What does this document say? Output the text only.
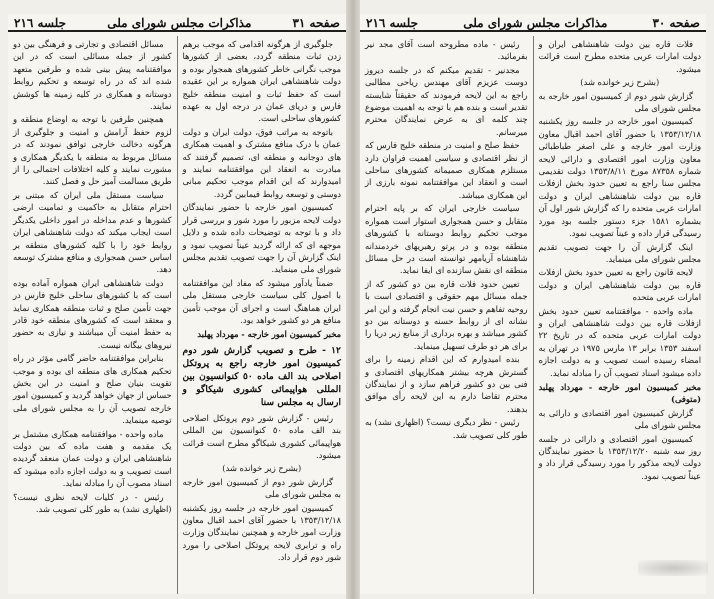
صفحه ٣١
مذاکرات مجلس شورای ملی
جلسه ٢١٦

جلوگیری از هرگونه اقدامی که موجب برهم زدن ثبات منطقه گردد، بعضی از کشورها موجب نگرانی خاطر کشورهای همجوار بوده و دولت شاهنشاهی ایران همواره بر این عقیده است که حفظ ثبات و امنیت منطقه خلیج فارس و دریای عمان در درجه اول به عهده کشورهای ساحلی است.

باتوجه به مراتب فوق، دولت ایران و دولت عمان با درک منافع مشترک و اهمیت همکاری های دوجانبه و منطقه ای، تصمیم گرفتند که مبادرت به انعقاد این موافقتنامه نمایند و امیدوارند که این اقدام موجب تحکیم مبانی دوستی و توسعه روابط فیمابین گردد.

کمیسیون امور خارجه با حضور نمایندگان دولت لایحه مزبور را مورد شور و بررسی قرار داد و با توجه به توضیحات داده شده و دلایل موجهه ای که ارائه گردید عیناً تصویب نمود و اینک گزارش آن را جهت تصویب تقدیم مجلس شورای ملی مینماید.

ضمناً یادآور میشود که مفاد این موافقتنامه با اصول کلی سیاست خارجی مستقل ملی ایران هماهنگ است و اجرای آن موجب تأمین منافع هر دو کشور خواهد بود.

مخبر کمیسیون امور خارجه - مهرداد پهلبد

١٢ - طرح و تصویب گزارش شور دوم کمیسیون امور خارجه راجع به پروتکل اصلاحی بند الف ماده ٥٠ کنوانسیون بین المللی هواپیمائی کشوری شیکاگو و ارسال به مجلس سنا

رئیس - گزارش شور دوم پروتکل اصلاحی بند الف ماده ٥٠ کنوانسیون بین المللی هواپیمائی کشوری شیکاگو مطرح است قرائت میشود.

(بشرح زیر خوانده شد)

گزارش شور دوم از کمیسیون امور خارجه به مجلس شورای ملی

کمیسیون امور خارجه در جلسه روز یکشنبه ١٣٥٣/١٢/١٨ با حضور آقای احمد اقبال معاون وزارت امور خارجه و همچنین نمایندگان وزارت راه و ترابری لایحه پروتکل اصلاحی را مورد شور دوم قرار داد.

مسائل اقتصادی و تجارتی و فرهنگی بین دو کشور از جمله مسائلی است که در این موافقتنامه پیش بینی شده و طرفین متعهد شده اند که در راه توسعه و تحکیم روابط دوستانه و همکاری در کلیه زمینه ها کوشش نمایند.

همچنین طرفین با توجه به اوضاع منطقه و لزوم حفظ آرامش و امنیت و جلوگیری از هرگونه دخالت خارجی توافق نمودند که در مسائل مربوط به منطقه با یکدیگر همکاری و مشورت نمایند و کلیه اختلافات احتمالی را از طریق مسالمت آمیز حل و فصل کنند.

سیاست مستقل ملی ایران که مبتنی بر احترام متقابل به حاکمیت و تمامیت ارضی کشورها و عدم مداخله در امور داخلی یکدیگر است ایجاب میکند که دولت شاهنشاهی ایران روابط خود را با کلیه کشورهای منطقه بر اساس حسن همجواری و منافع مشترک توسعه دهد.

دولت شاهنشاهی ایران همواره آماده بوده است که با کشورهای ساحلی خلیج فارس در جهت تأمین صلح و ثبات منطقه همکاری نماید و معتقد است که کشورهای منطقه خود قادر به حفظ امنیت آن میباشند و نیازی به حضور نیروهای بیگانه نیست.

بنابراین موافقتنامه حاضر گامی مؤثر در راه تحکیم همکاری های منطقه ای بوده و موجب تقویت بنیان صلح و امنیت در این بخش حساس از جهان خواهد گردید و کمیسیون امور خارجه تصویب آن را به مجلس شورای ملی توصیه مینماید.

ماده واحده - موافقتنامه همکاری مشتمل بر یک مقدمه و هفت ماده که بین دولت شاهنشاهی ایران و دولت عمان منعقد گردیده است تصویب و به دولت اجازه داده میشود که اسناد مصوب آن را مبادله نماید.

رئیس - در کلیات لایحه نظری نیست؟ (اظهاری نشد) به طور کلی تصویب شد.

صفحه ٣٠
مذاکرات مجلس شورای ملی
جلسه ٢١٦

فلات قاره بین دولت شاهنشاهی ایران و دولت امارات عربی متحده مطرح است قرائت میشود.

(بشرح زیر خوانده شد)

گزارش شور دوم از کمیسیون امور خارجه به مجلس شورای ملی

کمیسیون امور خارجه در جلسه روز یکشنبه ١٣٥٣/١٢/١٨ با حضور آقای احمد اقبال معاون وزارت امور خارجه و علی اصغر طباطبائی معاون وزارت امور اقتصادی و دارائی لایحه شماره ٨٧٣٥٨ مورخ ١٣٥٣/٨/١١ دولت تقدیمی مجلس سنا راجع به تعیین حدود بخش ازفلات قاره بین دولت شاهنشاهی ایران و دولت امارات عربی متحده را که گزارش شور اول آن بشماره ١٥٨١ جزء دستور جلسه بود مورد رسیدگی قرار داده و عیناً تصویب نمود.

اینک گزارش آن را جهت تصویب تقدیم مجلس شورای ملی مینماید.

لایحه قانون راجع به تعیین حدود بخش ازفلات قاره بین دولت شاهنشاهی ایران و دولت امارات عربی متحده

ماده واحده - موافقتنامه تعیین حدود بخش ازفلات قاره بین دولت شاهنشاهی ایران و دولت امارات عربی متحده که در تاریخ ٢٢ اسفند ١٣٥٣ برابر ١٣ مارس ١٩٧٥ در تهران به امضاء رسیده است تصویب و به دولت اجازه داده میشود اسناد تصویب آن را مبادله نماید.

مخبر کمیسیون امور خارجه - مهرداد پهلبد (متوفی)

گزارش کمیسیون امور اقتصادی و دارائی به مجلس شورای ملی

کمیسیون امور اقتصادی و دارائی در جلسه روز سه شنبه ١٣٥٣/١٢/٢٠ با حضور نمایندگان دولت لایحه مذکور را مورد رسیدگی قرار داد و عیناً تصویب نمود.

رئیس - ماده مطروحه است آقای مجد نیر بفرمائید.

مجدنیر - تقدیم میکنم که در جلسه دیروز دوست عزیزم آقای مهندس ریاحی مطالبی راجع به این لایحه فرمودند که حقیقتاً شایسته تقدیر است و بنده هم با توجه به اهمیت موضوع چند کلمه ای به عرض نمایندگان محترم میرسانم.

حفظ صلح و امنیت در منطقه خلیج فارس که از نظر اقتصادی و سیاسی اهمیت فراوان دارد مستلزم همکاری صمیمانه کشورهای ساحلی است و انعقاد این موافقتنامه نمونه بارزی از این همکاری میباشد.

سیاست خارجی ایران که بر پایه احترام متقابل و حسن همجواری استوار است همواره موجب تحکیم روابط دوستانه با کشورهای منطقه بوده و در پرتو رهبریهای خردمندانه شاهنشاه آریامهر توانسته است در حل مسائل منطقه ای نقش سازنده ای ایفا نماید.

تعیین حدود فلات قاره بین دو کشور که از جمله مسائل مهم حقوقی و اقتصادی است با روحیه تفاهم و حسن نیت انجام گرفته و این امر نشانه ای از روابط حسنه و دوستانه بین دو کشور میباشد و بهره برداری از منابع زیر دریا را برای هر دو طرف تسهیل مینماید.

بنده امیدوارم که این اقدام زمینه را برای گسترش هرچه بیشتر همکاریهای اقتصادی و فنی بین دو کشور فراهم سازد و از نمایندگان محترم تقاضا دارم به این لایحه رأی موافق بدهند.

رئیس - نظر دیگری نیست؟ (اظهاری نشد) به طور کلی تصویب شد.
